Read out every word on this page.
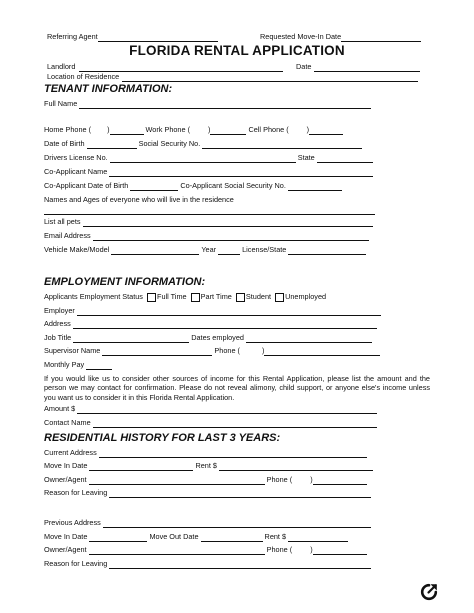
Referring Agent	Requested Move-In Date
FLORIDA RENTAL APPLICATION
Landlord	Date
Location of Residence
TENANT INFORMATION:
Full Name
Home Phone ( )	Work Phone ( )	Cell Phone ( )
Date of Birth	Social Security No.
Drivers License No.	State
Co-Applicant Name
Co-Applicant Date of Birth	Co-Applicant Social Security No.
Names and Ages of everyone who will live in the residence
List all pets
Email Address
Vehicle Make/Model	Year	License/State
EMPLOYMENT INFORMATION:
Applicants Employment Status Full Time Part Time Student Unemployed
Employer
Address
Job Title	Dates employed
Supervisor Name	Phone (	)
Monthly Pay
If you would like us to consider other sources of income for this Rental Application, please list the amount and the person we may contact for confirmation. Please do not reveal alimony, child support, or anyone else's income unless you want us to consider it in this Florida Rental Application.
Amount $
Contact Name
RESIDENTIAL HISTORY FOR LAST 3 YEARS:
Current Address
Move In Date	Rent $
Owner/Agent	Phone ( )
Reason for Leaving
Previous Address
Move In Date	Move Out Date	Rent $
Owner/Agent	Phone ( )
Reason for Leaving
